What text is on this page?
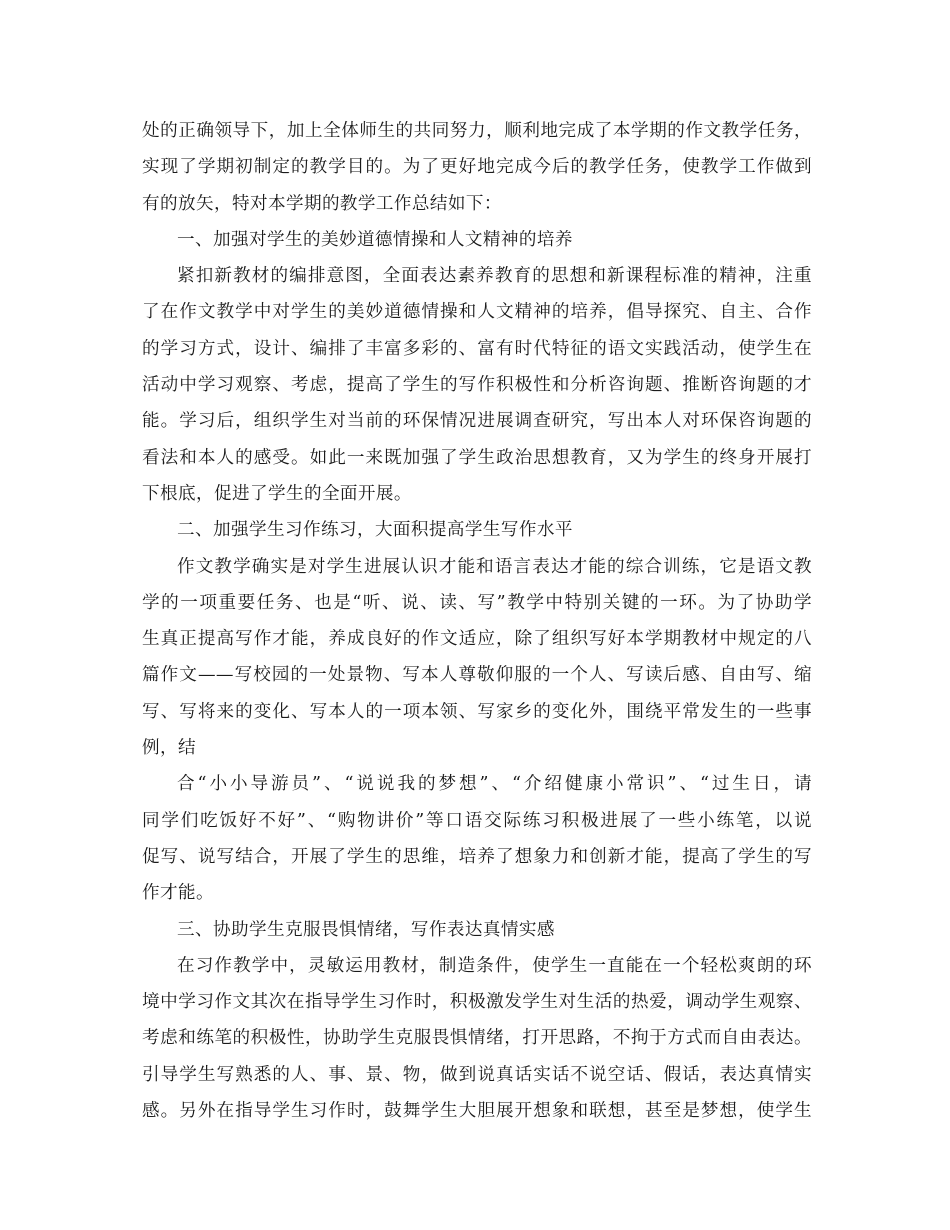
处的正确领导下，加上全体师生的共同努力，顺利地完成了本学期的作文教学任务，
实现了学期初制定的教学目的。为了更好地完成今后的教学任务，使教学工作做到
有的放矢，特对本学期的教学工作总结如下：
一、加强对学生的美妙道德情操和人文精神的培养
紧扣新教材的编排意图，全面表达素养教育的思想和新课程标准的精神，注重
了在作文教学中对学生的美妙道德情操和人文精神的培养，倡导探究、自主、合作
的学习方式，设计、编排了丰富多彩的、富有时代特征的语文实践活动，使学生在
活动中学习观察、考虑，提高了学生的写作积极性和分析咨询题、推断咨询题的才
能。学习后，组织学生对当前的环保情况进展调查研究，写出本人对环保咨询题的
看法和本人的感受。如此一来既加强了学生政治思想教育，又为学生的终身开展打
下根底，促进了学生的全面开展。
二、加强学生习作练习，大面积提高学生写作水平
作文教学确实是对学生进展认识才能和语言表达才能的综合训练，它是语文教
学的一项重要任务、也是“听、说、读、写”教学中特别关键的一环。为了协助学
生真正提高写作才能，养成良好的作文适应，除了组织写好本学期教材中规定的八
篇作文——写校园的一处景物、写本人尊敬仰服的一个人、写读后感、自由写、缩
写、写将来的变化、写本人的一项本领、写家乡的变化外，围绕平常发生的一些事
例，结
合“小小导游员”、“说说我的梦想”、“介绍健康小常识”、“过生日，请
同学们吃饭好不好”、“购物讲价”等口语交际练习积极进展了一些小练笔，以说
促写、说写结合，开展了学生的思维，培养了想象力和创新才能，提高了学生的写
作才能。
三、协助学生克服畏惧情绪，写作表达真情实感
在习作教学中，灵敏运用教材，制造条件，使学生一直能在一个轻松爽朗的环
境中学习作文其次在指导学生习作时，积极激发学生对生活的热爱，调动学生观察、
考虑和练笔的积极性，协助学生克服畏惧情绪，打开思路，不拘于方式而自由表达。
引导学生写熟悉的人、事、景、物，做到说真话实话不说空话、假话，表达真情实
感。另外在指导学生习作时，鼓舞学生大胆展开想象和联想，甚至是梦想，使学生
